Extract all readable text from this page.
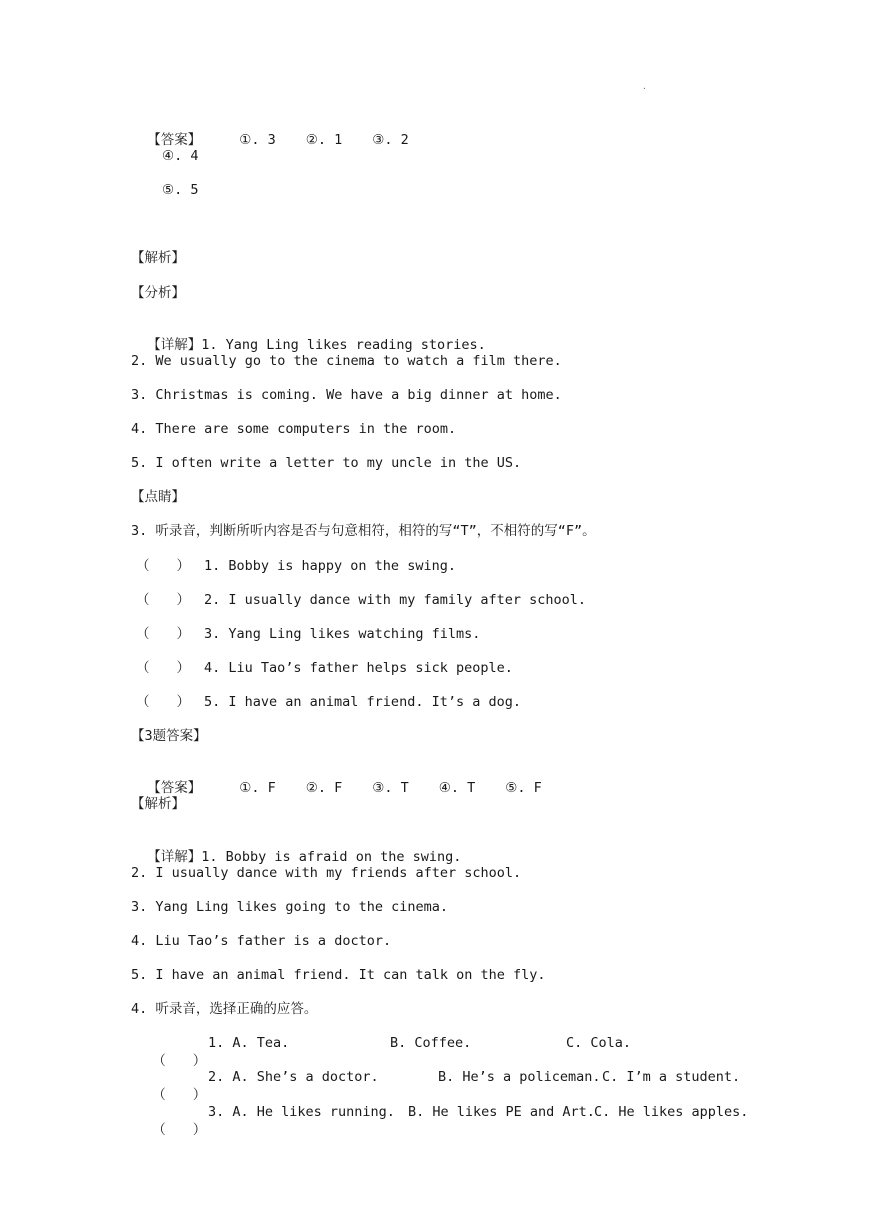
.

【答案】	①. 3 ②. 1 ③. 2

④. 4
⑤. 5
【解析】
【分析】

【详解】1. Yang Ling likes reading stories.

2. We usually go to the cinema to watch a film there.
3. Christmas is coming. We have a big dinner at home.
4. There are some computers in the room.
5. I often write a letter to my uncle in the US.
【点睛】
3. 听录音，判断所听内容是否与句意相符，相符的写“T”，不相符的写“F”。
（　　） 1. Bobby is happy on the swing.
（　　） 2. I usually dance with my family after school.
（　　） 3. Yang Ling likes watching films.
（　　） 4. Liu Tao’s father helps sick people.
（　　） 5. I have an animal friend. It’s a dog.
【3题答案】

【答案】	①. F ②. F ③. T ④. T ⑤. F

【解析】

【详解】1. Bobby is afraid on the swing.

2. I usually dance with my friends after school.
3. Yang Ling likes going to the cinema.
4. Liu Tao’s father is a doctor.
5. I have an animal friend. It can talk on the fly.
4. 听录音，选择正确的应答。

（　　）

1. A. Tea.

	B. Coffee.

	C. Cola.

（　　）

2. A. She’s a doctor.

	B. He’s a policeman.

C. I’m a student.

（　　）

3. A. He likes running.

B. He likes PE and Art.

C. He likes apples.
